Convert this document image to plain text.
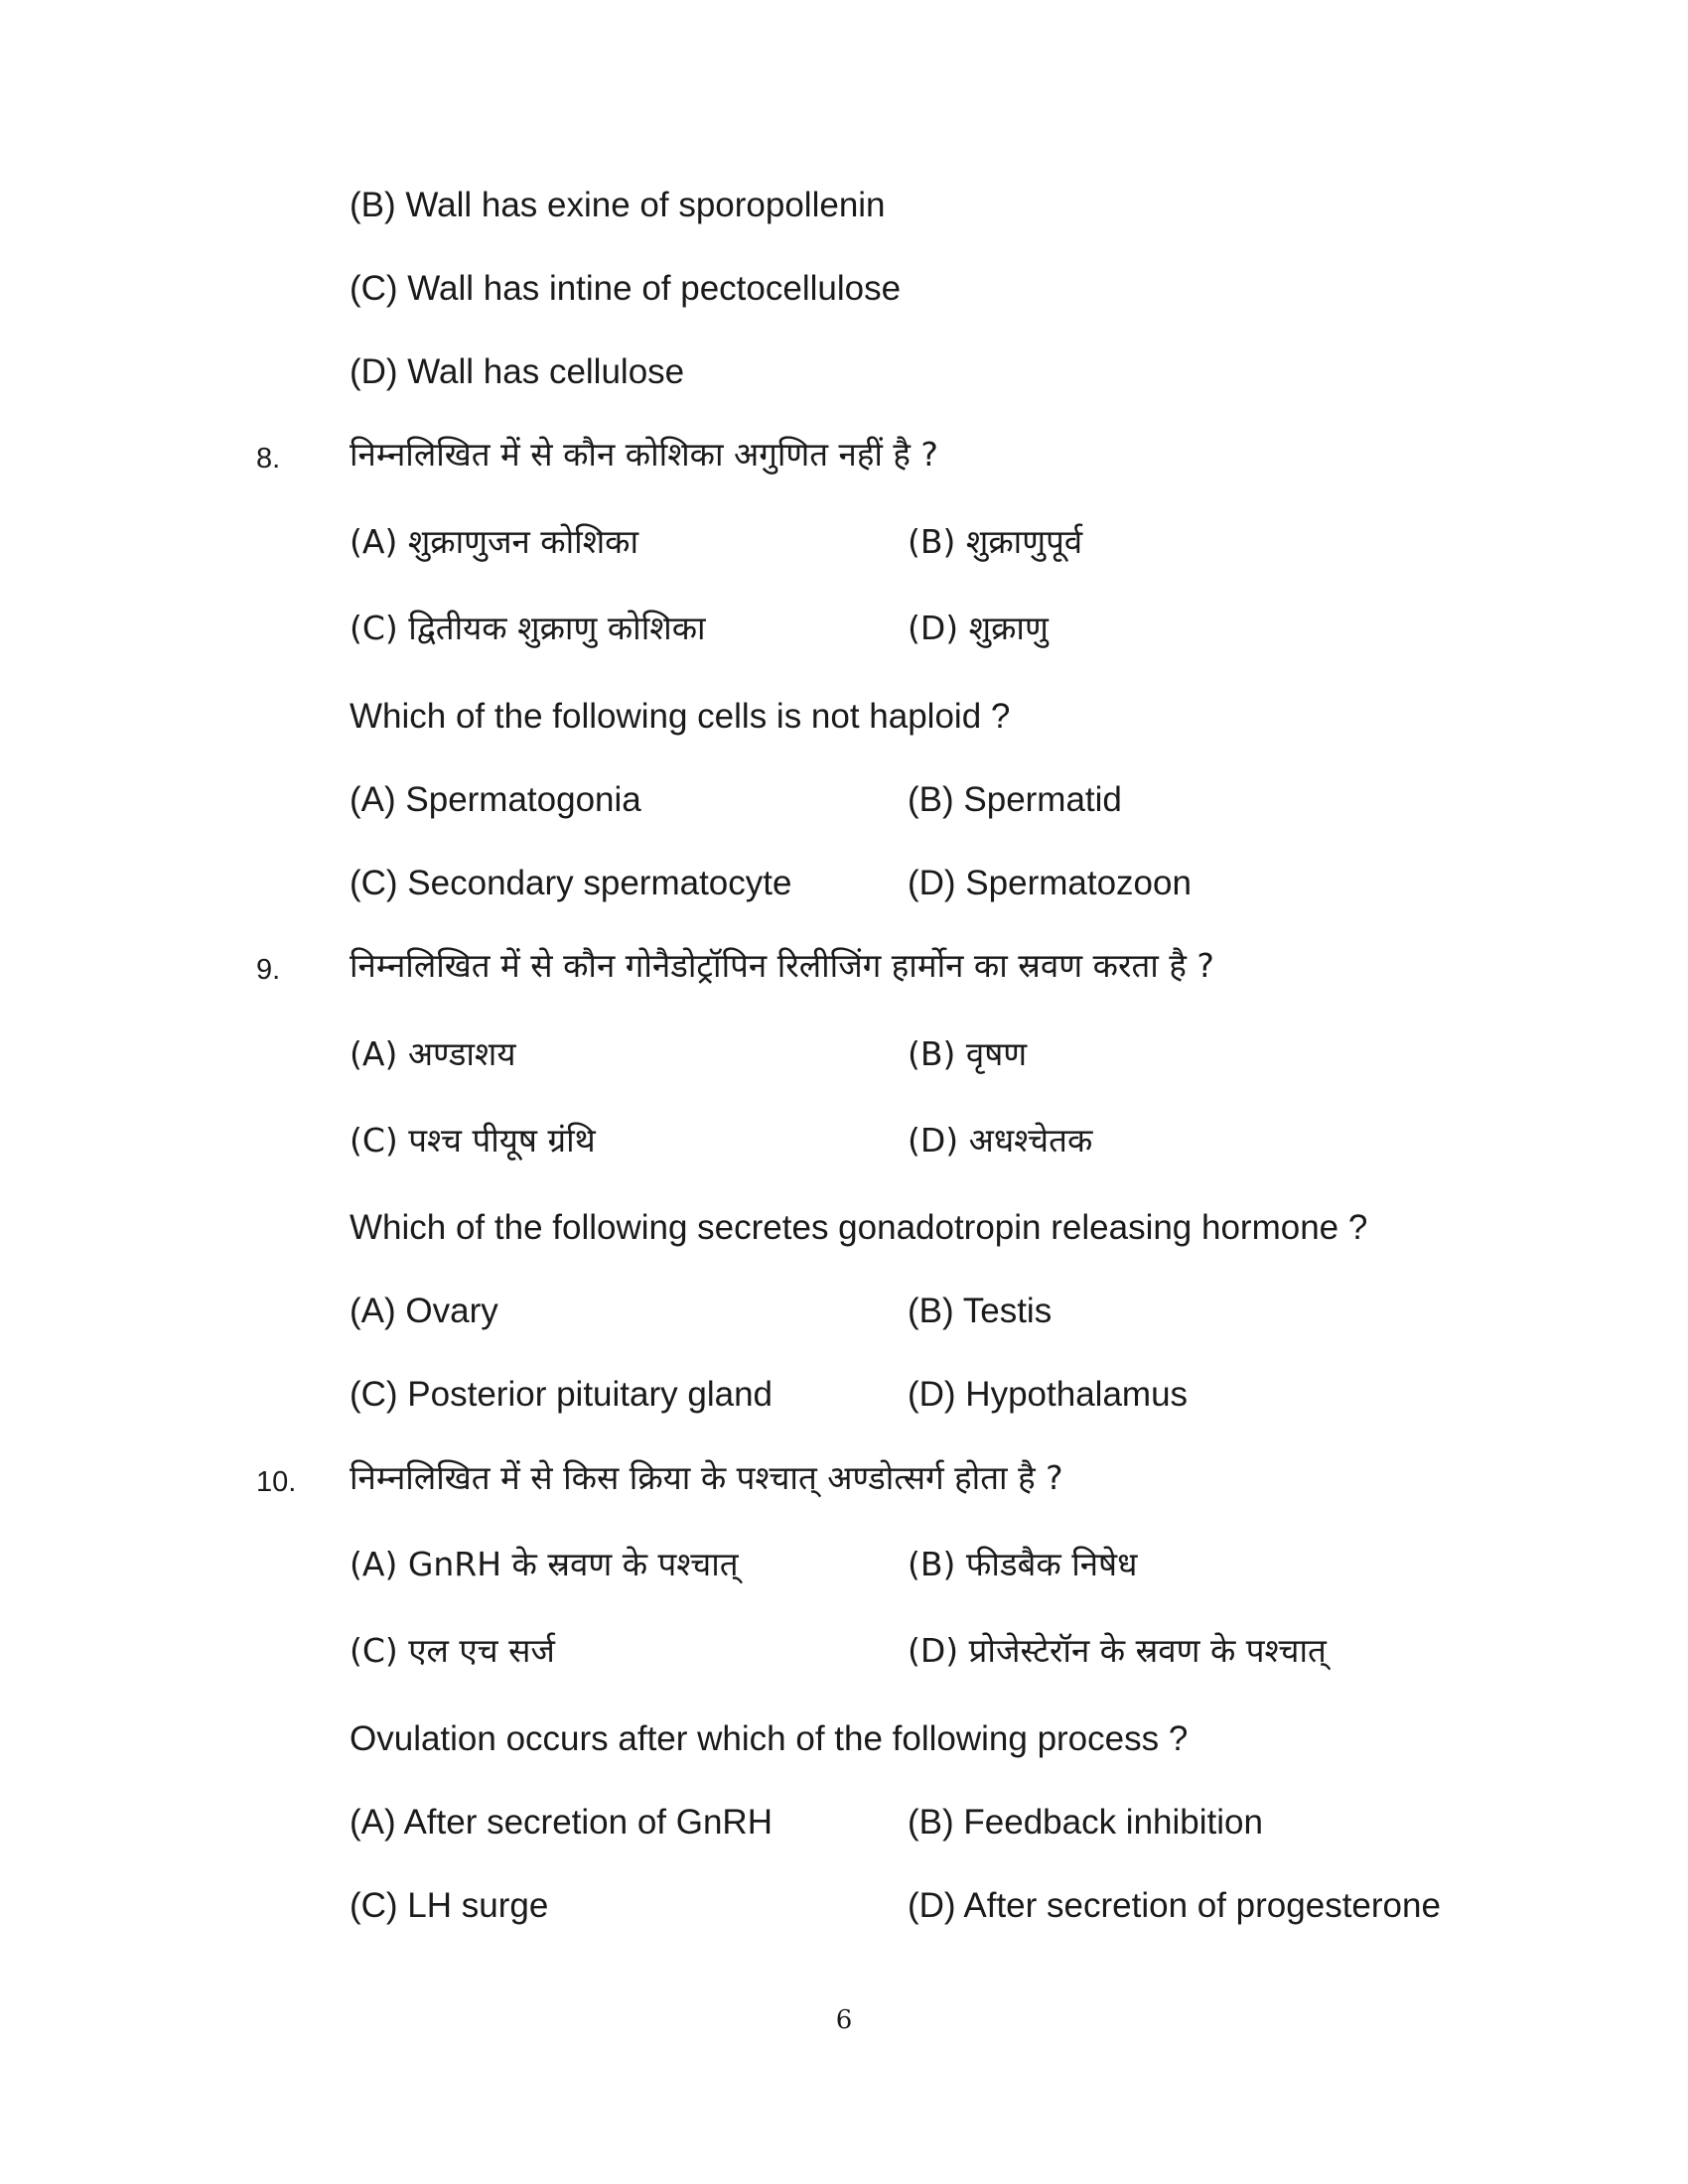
(B) Wall has exine of sporopollenin
(C) Wall has intine of pectocellulose
(D) Wall has cellulose
8. निम्नलिखित में से कौन कोशिका अगुणित नहीं है ?
(A) शुक्राणुजन कोशिका	(B) शुक्राणुपूर्व
(C) द्वितीयक शुक्राणु कोशिका	(D) शुक्राणु
Which of the following cells is not haploid ?
(A) Spermatogonia	(B) Spermatid
(C) Secondary spermatocyte	(D) Spermatozoon
9. निम्नलिखित में से कौन गोनैडोट्रॉपिन रिलीजिंग हार्मोन का स्रवण करता है ?
(A) अण्डाशय	(B) वृषण
(C) पश्च पीयूष ग्रंथि	(D) अधश्चेतक
Which of the following secretes gonadotropin releasing hormone ?
(A) Ovary	(B) Testis
(C) Posterior pituitary gland	(D) Hypothalamus
10. निम्नलिखित में से किस क्रिया के पश्चात् अण्डोत्सर्ग होता है ?
(A) GnRH के स्रवण के पश्चात्	(B) फीडबैक निषेध
(C) एल एच सर्ज	(D) प्रोजेस्टेरॉन के स्रवण के पश्चात्
Ovulation occurs after which of the following process ?
(A) After secretion of GnRH	(B) Feedback inhibition
(C) LH surge	(D) After secretion of progesterone
6
